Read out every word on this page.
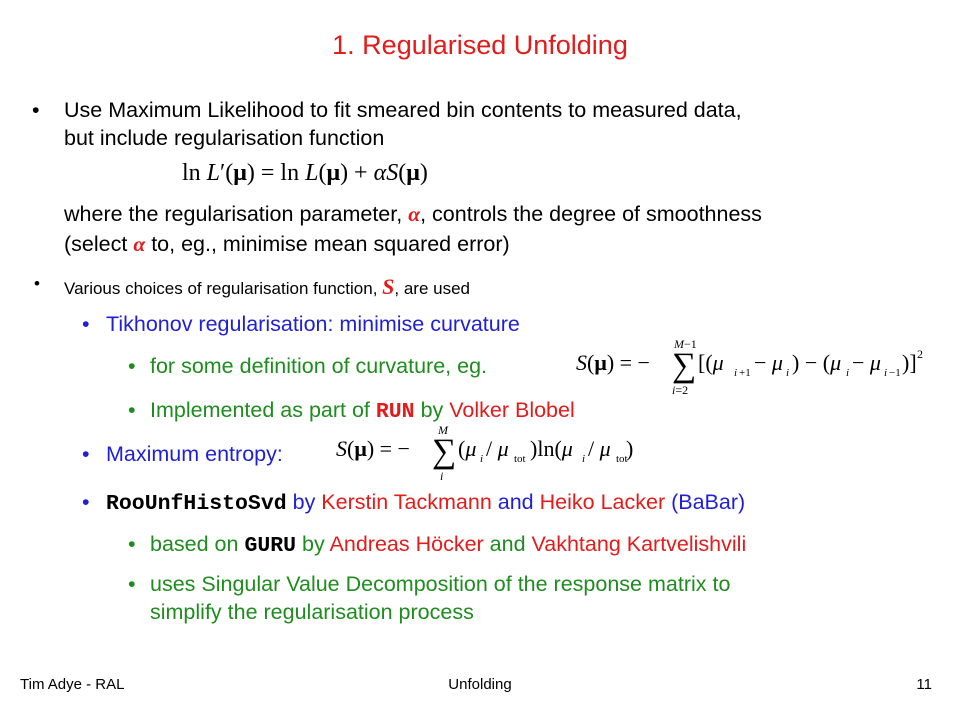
1. Regularised Unfolding
• Use Maximum Likelihood to fit smeared bin contents to measured data,
but include regularisation function
ln L′(μ) = ln L(μ) + αS(μ)
where the regularisation parameter, α, controls the degree of smoothness
(select α to, eg., minimise mean squared error)
• Various choices of regularisation function, S, are used
• Tikhonov regularisation: minimise curvature
• for some definition of curvature, eg.	S(μ) = −
M −1
∑
i=2
[(μ i +1 − μ i ) − (μ i − μ i −1 )] 2
• Implemented as part of RUN by Volker Blobel
• Maximum entropy: S(μ) = −
M
∑
i
(μ i / μ tot )ln(μ i / μ tot
)
• RooUnfHistoSvd by Kerstin Tackmann and Heiko Lacker (BaBar)
• based on GURU by Andreas Höcker and Vakhtang Kartvelishvili
• uses Singular Value Decomposition of the response matrix to
simplify the regularisation process
Tim Adye - RAL	Unfolding	11
